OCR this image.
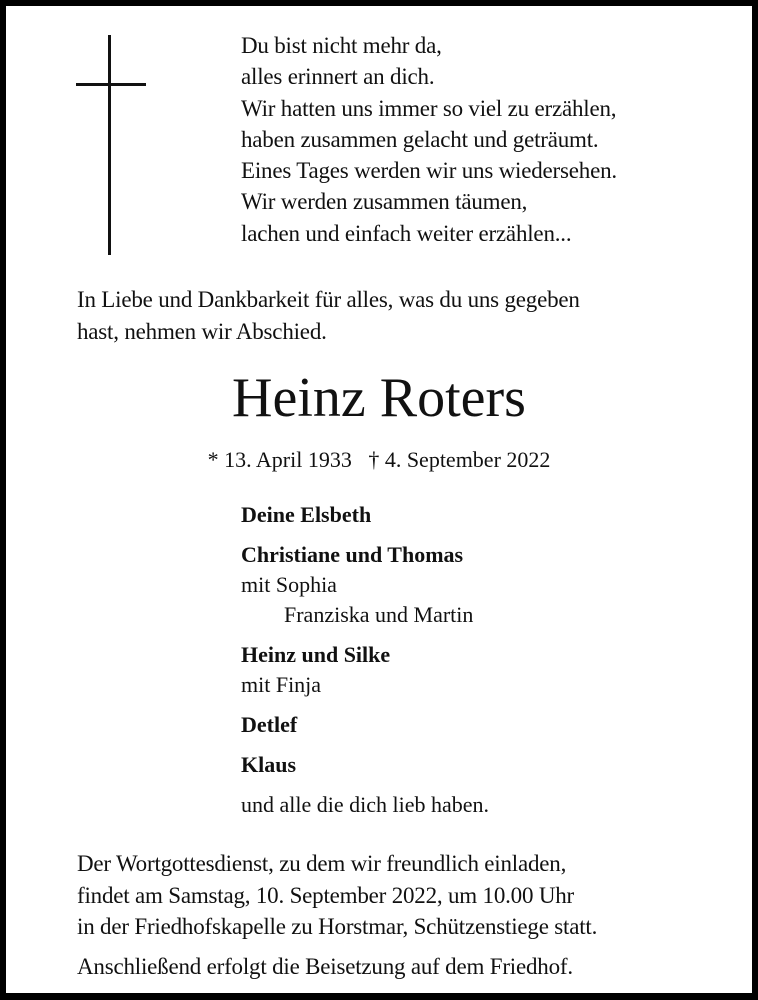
Du bist nicht mehr da,
alles erinnert an dich.
Wir hatten uns immer so viel zu erzählen,
haben zusammen gelacht und geträumt.
Eines Tages werden wir uns wiedersehen.
Wir werden zusammen täumen,
lachen und einfach weiter erzählen...
In Liebe und Dankbarkeit für alles, was du uns gegeben
hast, nehmen wir Abschied.
Heinz Roters
* 13. April 1933   † 4. September 2022
Deine Elsbeth
Christiane und Thomas
mit Sophia
Franziska und Martin
Heinz und Silke
mit Finja
Detlef
Klaus
und alle die dich lieb haben.
Der Wortgottesdienst, zu dem wir freundlich einladen,
findet am Samstag, 10. September 2022, um 10.00 Uhr
in der Friedhofskapelle zu Horstmar, Schützenstiege statt.
Anschließend erfolgt die Beisetzung auf dem Friedhof.
